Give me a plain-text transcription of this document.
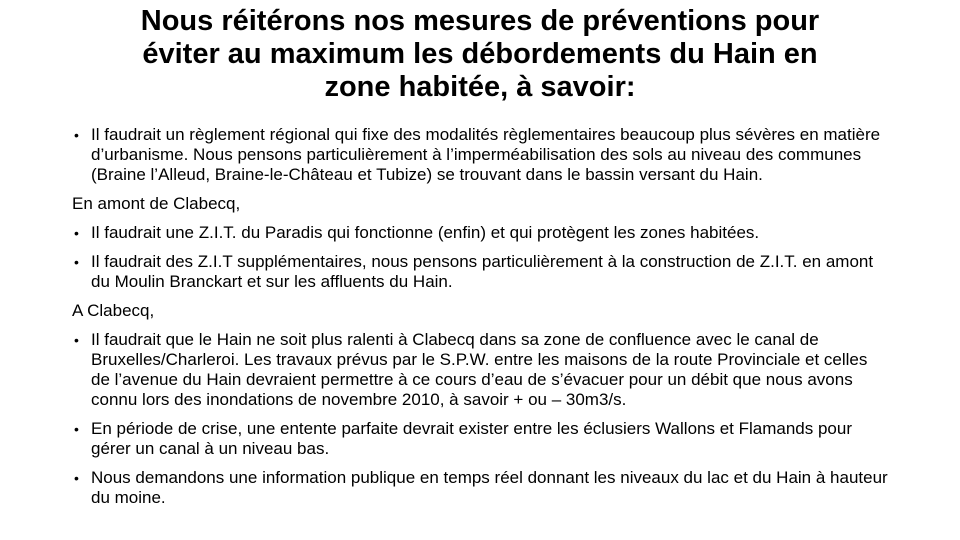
Nous réitérons nos mesures de préventions pour
éviter au maximum les débordements du Hain en
zone habitée, à savoir:
• Il faudrait un règlement régional qui fixe des modalités règlementaires beaucoup plus sévères en matière d’urbanisme. Nous pensons particulièrement à l’imperméabilisation des sols au niveau des communes (Braine l’Alleud, Braine-le-Château et Tubize) se trouvant dans le bassin versant du Hain.
En amont de Clabecq,
• Il faudrait une Z.I.T. du Paradis qui fonctionne (enfin) et qui protègent les zones habitées.
• Il faudrait des Z.I.T supplémentaires, nous pensons particulièrement à la construction de Z.I.T. en amont du Moulin Branckart et sur les affluents du Hain.
A Clabecq,
• Il faudrait que le Hain ne soit plus ralenti à Clabecq dans sa zone de confluence avec le canal de Bruxelles/Charleroi. Les travaux prévus par le S.P.W. entre les maisons de la route Provinciale et celles de l’avenue du Hain devraient permettre à ce cours d’eau de s’évacuer pour un débit que nous avons connu lors des inondations de novembre 2010, à savoir + ou – 30m3/s.
• En période de crise, une entente parfaite devrait exister entre les éclusiers Wallons et Flamands pour gérer un canal à un niveau bas.
• Nous demandons une information publique en temps réel donnant les niveaux du lac et du Hain à hauteur du moine.
